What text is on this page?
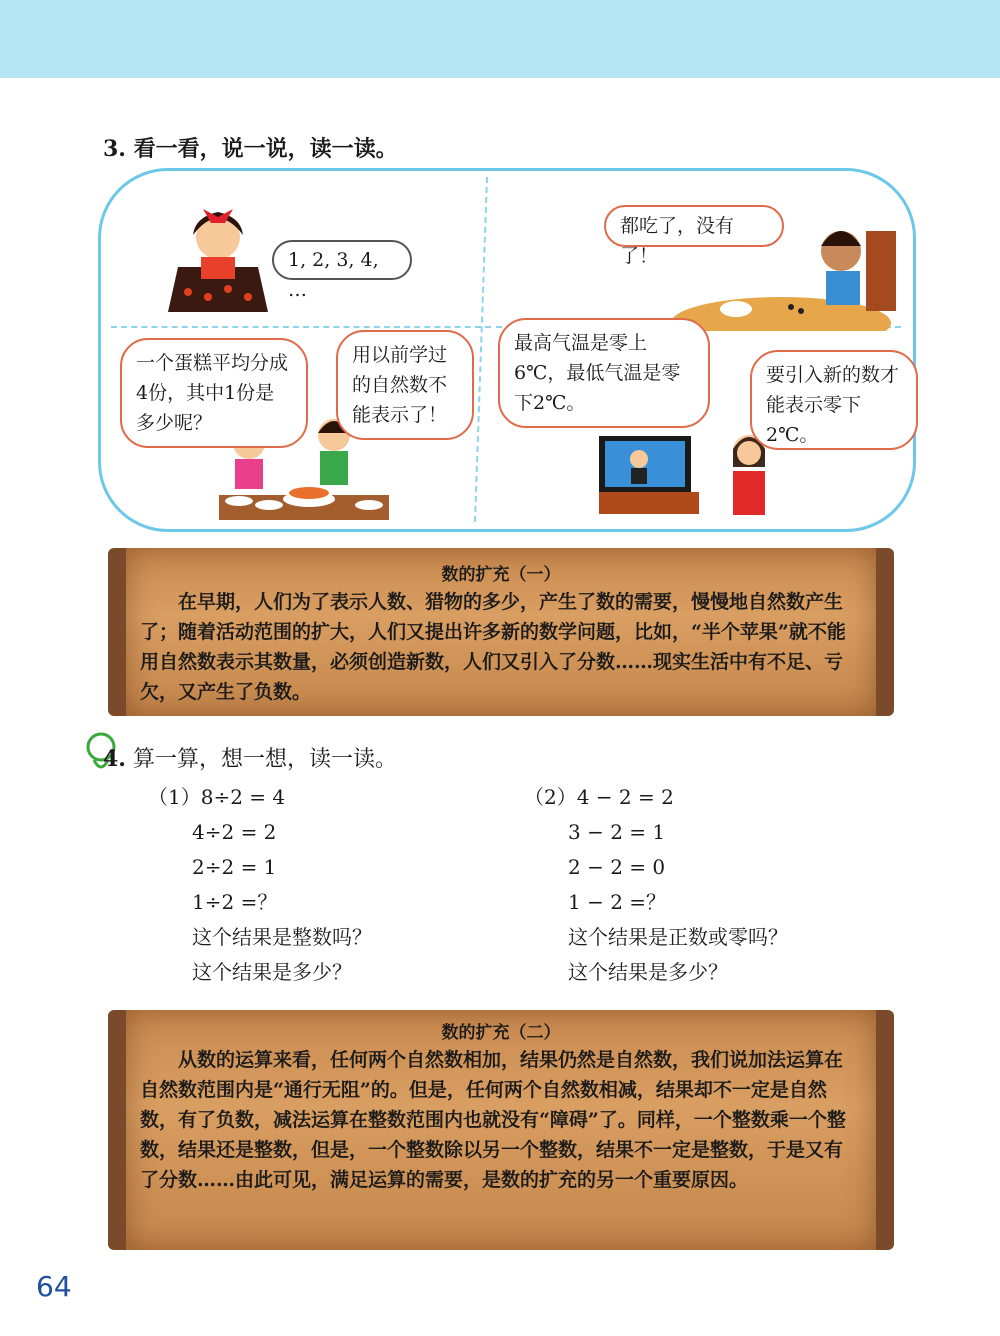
3. 看一看，说一说，读一读。
1, 2, 3, 4, …
都吃了，没有了！
一个蛋糕平均分成4份，其中1份是多少呢？
用以前学过的自然数不能表示了！
最高气温是零上6℃，最低气温是零下2℃。
要引入新的数才能表示零下2℃。
数的扩充（一）
在早期，人们为了表示人数、猎物的多少，产生了数的需要，慢慢地自然数产生了；随着活动范围的扩大，人们又提出许多新的数学问题，比如，“半个苹果”就不能用自然数表示其数量，必须创造新数，人们又引入了分数……现实生活中有不足、亏欠，又产生了负数。
4. 算一算，想一想，读一读。
（1）8÷2 = 4
4÷2 = 2
2÷2 = 1
1÷2 =？
这个结果是整数吗？
这个结果是多少？
（2）4 − 2 = 2
3 − 2 = 1
2 − 2 = 0
1 − 2 =？
这个结果是正数或零吗？
这个结果是多少？
数的扩充（二）
从数的运算来看，任何两个自然数相加，结果仍然是自然数，我们说加法运算在自然数范围内是“通行无阻”的。但是，任何两个自然数相减，结果却不一定是自然数，有了负数，减法运算在整数范围内也就没有“障碍”了。同样，一个整数乘一个整数，结果还是整数，但是，一个整数除以另一个整数，结果不一定是整数，于是又有了分数……由此可见，满足运算的需要，是数的扩充的另一个重要原因。
64
